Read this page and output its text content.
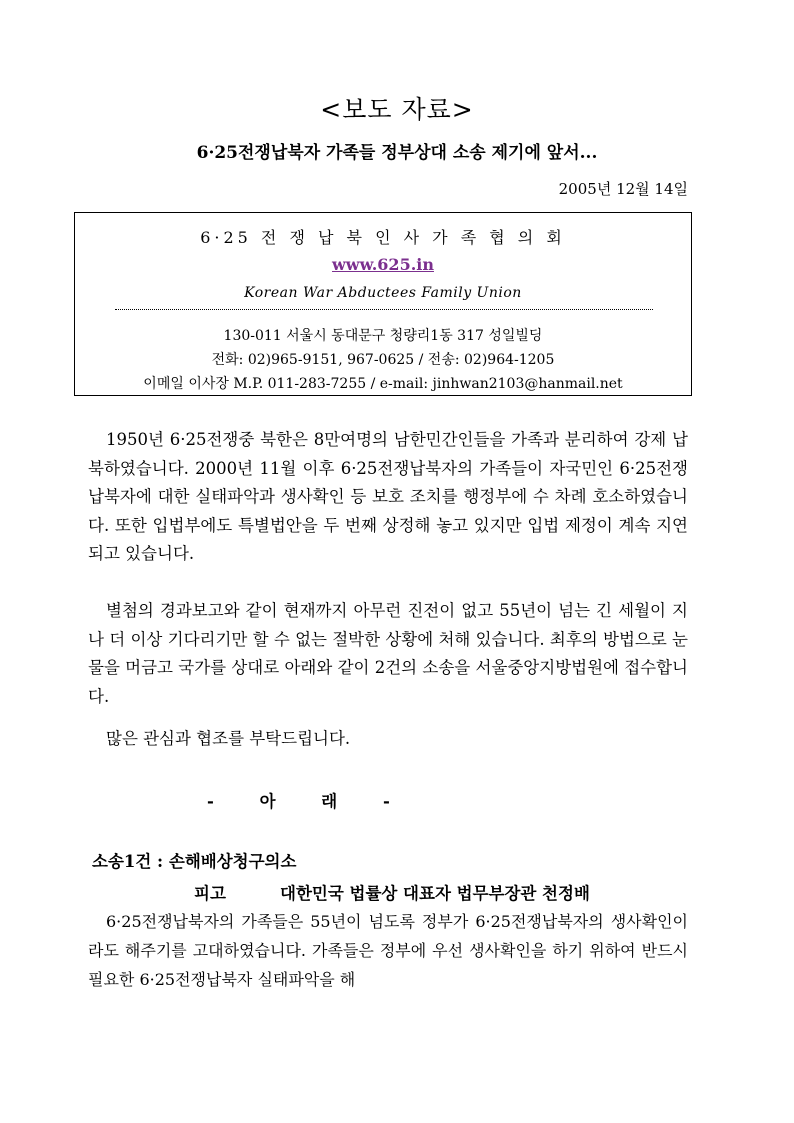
<보도 자료>
6·25전쟁납북자 가족들 정부상대 소송 제기에 앞서...
2005년 12월 14일
6·25 전 쟁 납 북 인 사 가 족 협 의 회
www.625.in
Korean War Abductees Family Union
130-011 서울시 동대문구 청량리1동 317 성일빌딩
전화: 02)965-9151, 967-0625 / 전송: 02)964-1205
이메일 이사장 M.P. 011-283-7255 / e-mail: jinhwan2103@hanmail.net

1950년 6·25전쟁중 북한은 8만여명의 남한민간인들을 가족과 분리하여 강제 납북하였습니다. 2000년 11월 이후 6·25전쟁납북자의 가족들이 자국민인 6·25전쟁납북자에 대한 실태파악과 생사확인 등 보호 조치를 행정부에 수 차례 호소하였습니다. 또한 입법부에도 특별법안을 두 번째 상정해 놓고 있지만 입법 제정이 계속 지연되고 있습니다.

별첨의 경과보고와 같이 현재까지 아무런 진전이 없고 55년이 넘는 긴 세월이 지나 더 이상 기다리기만 할 수 없는 절박한 상황에 처해 있습니다. 최후의 방법으로 눈물을 머금고 국가를 상대로 아래와 같이 2건의 소송을 서울중앙지방법원에 접수합니다.

많은 관심과 협조를 부탁드립니다.

- 아 래 -
소송1건 : 손해배상청구의소
피고	대한민국 법률상 대표자 법무부장관 천정배

6·25전쟁납북자의 가족들은 55년이 넘도록 정부가 6·25전쟁납북자의 생사확인이라도 해주기를 고대하였습니다. 가족들은 정부에 우선 생사확인을 하기 위하여 반드시 필요한 6·25전쟁납북자 실태파악을 해
